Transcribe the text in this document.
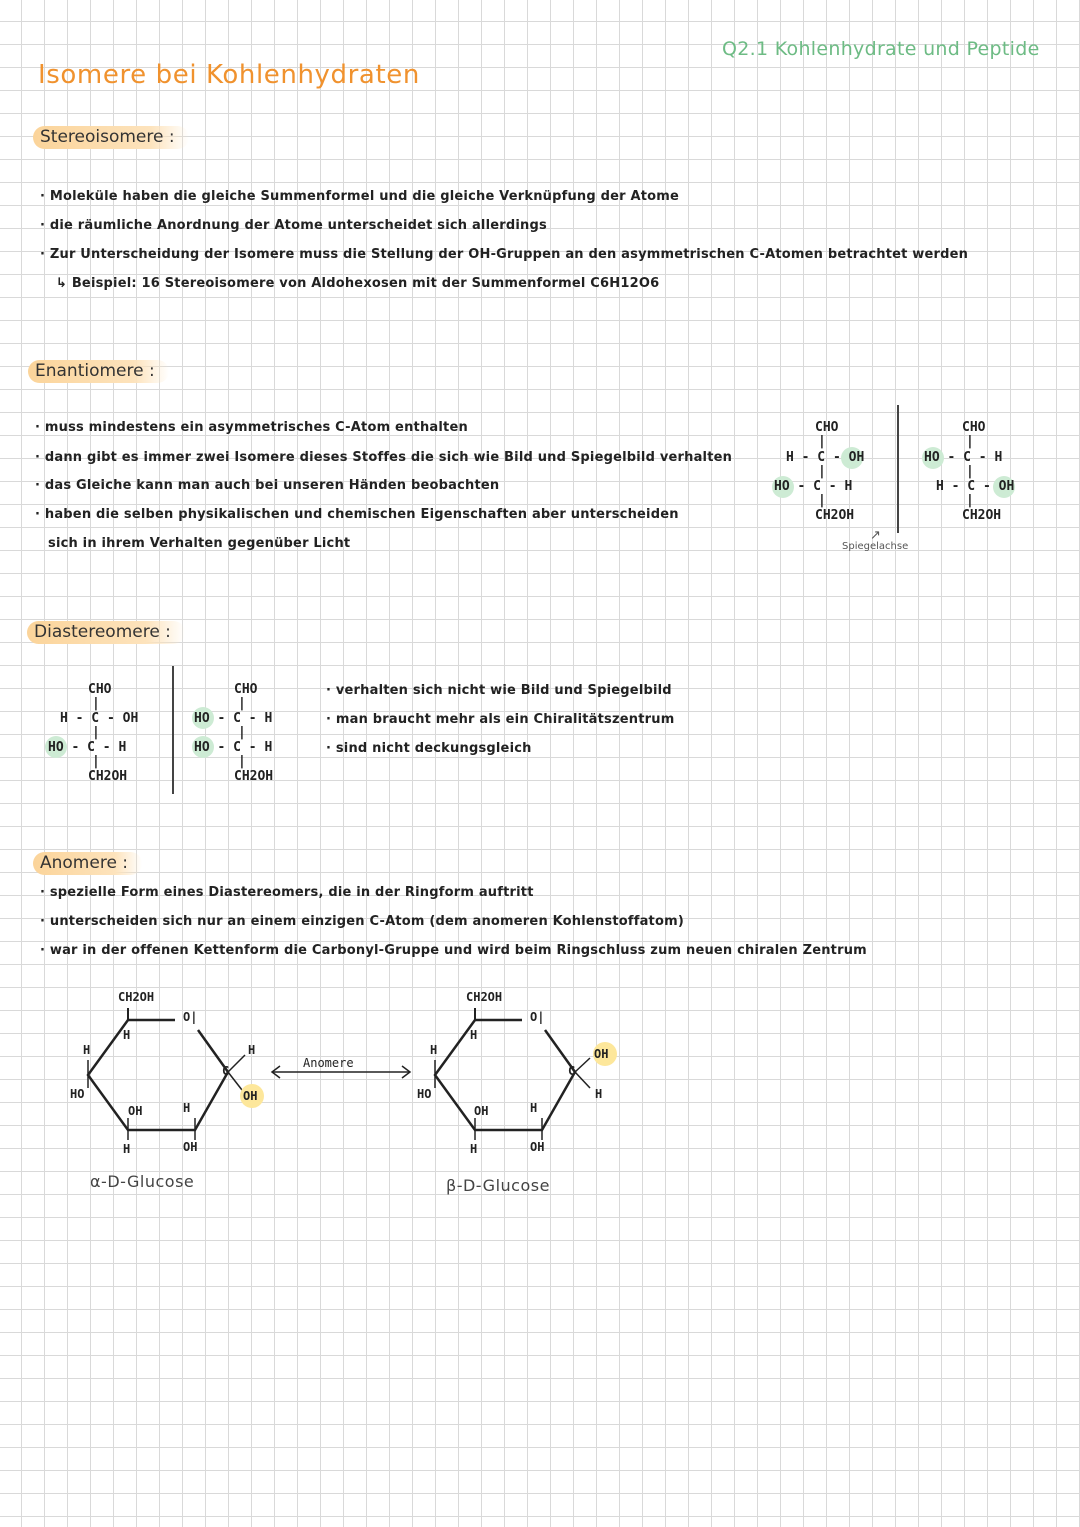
Q2.1 Kohlenhydrate und Peptide
Isomere bei Kohlenhydraten
Stereoisomere :
· Moleküle haben die gleiche Summenformel und die gleiche Verknüpfung der Atome
· die räumliche Anordnung der Atome unterscheidet sich allerdings
· Zur Unterscheidung der Isomere muss die Stellung der OH-Gruppen an den asymmetrischen C-Atomen betrachtet werden
↳ Beispiel: 16 Stereoisomere von Aldohexosen mit der Summenformel C6H12O6
Enantiomere :
· muss mindestens ein asymmetrisches C-Atom enthalten
· dann gibt es immer zwei Isomere dieses Stoffes die sich wie Bild und Spiegelbild verhalten
· das Gleiche kann man auch bei unseren Händen beobachten
· haben die selben physikalischen und chemischen Eigenschaften aber unterscheiden
sich in ihrem Verhalten gegenüber Licht
CHO
|
H - C - OH
|
HO - C - H
|
CH2OH
↗
Spiegelachse
CHO
|
HO - C - H
|
H - C - OH
|
CH2OH
Diastereomere :
CHO
|
H - C - OH
|
HO - C - H
|
CH2OH
CHO
|
HO - C - H
|
HO - C - H
|
CH2OH
· verhalten sich nicht wie Bild und Spiegelbild
· man braucht mehr als ein Chiralitätszentrum
· sind nicht deckungsgleich
Anomere :
· spezielle Form eines Diastereomers, die in der Ringform auftritt
· unterscheiden sich nur an einem einzigen C-Atom (dem anomeren Kohlenstoffatom)
· war in der offenen Kettenform die Carbonyl-Gruppe und wird beim Ringschluss zum neuen chiralen Zentrum
CH2OH
O|
H
H
HO
OH	H
H	OH
C
H
OH
α-D-Glucose
Anomere
CH2OH
O|
H
H
HO
OH	H
H	OH
C
H
OH
β-D-Glucose
